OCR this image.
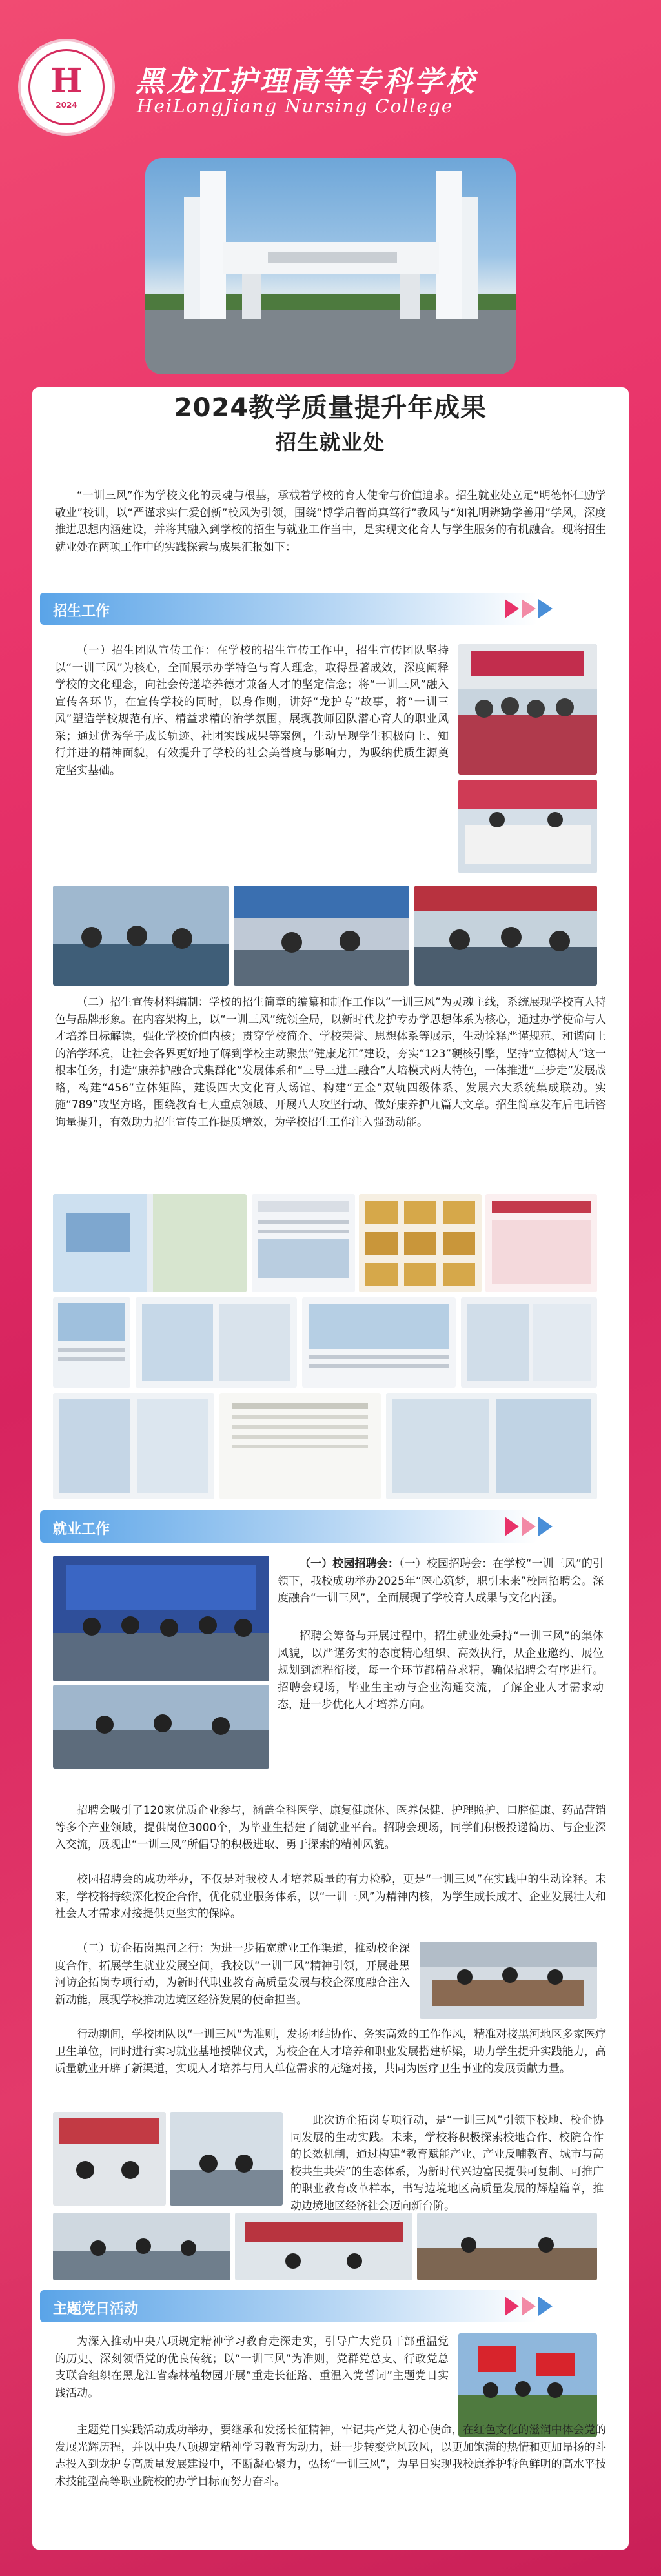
H
2024
黑龙江护理高等专科学校
HeiLongJiang Nursing College
2024教学质量提升年成果
招生就业处

“一训三风”作为学校文化的灵魂与根基，承载着学校的育人使命与价值追求。招生就业处立足“明德怀仁励学敬业”校训，以“严谨求实仁爱创新”校风为引领，围绕“博学启智尚真笃行”教风与“知礼明辨勤学善用”学风，深度推进思想内涵建设，并将其融入到学校的招生与就业工作当中，是实现文化育人与学生服务的有机融合。现将招生就业处在两项工作中的实践探索与成果汇报如下：

招生工作

（一）招生团队宣传工作：在学校的招生宣传工作中，招生宣传团队坚持以“一训三风”为核心，全面展示办学特色与育人理念，取得显著成效，深度阐释学校的文化理念，向社会传递培养德才兼备人才的坚定信念；将“一训三风”融入宣传各环节，在宣传学校的同时，以身作则，讲好“龙护专”故事，将“一训三风”塑造学校规范有序、精益求精的治学氛围，展现教师团队潜心育人的职业风采；通过优秀学子成长轨迹、社团实践成果等案例，生动呈现学生积极向上、知行并进的精神面貌，有效提升了学校的社会美誉度与影响力，为吸纳优质生源奠定坚实基础。

（二）招生宣传材料编制：学校的招生简章的编纂和制作工作以“一训三风”为灵魂主线，系统展现学校育人特色与品牌形象。在内容架构上，以“一训三风”统领全局，以新时代龙护专办学思想体系为核心，通过办学使命与人才培养目标解读，强化学校价值内核；贯穿学校简介、学校荣誉、思想体系等展示，生动诠释严谨规范、和谐向上的治学环境，让社会各界更好地了解到学校主动聚焦“健康龙江”建设，夯实“123”硬核引擎，坚持“立德树人”这一根本任务，打造“康养护融合式集群化”发展体系和“三导三进三融合”人培模式两大特色，一体推进“三步走”发展战略，构建“456”立体矩阵，建设四大文化育人场馆、构建“五金”双轨四级体系、发展六大系统集成联动。实施“789”攻坚方略，围绕教育七大重点领域、开展八大攻坚行动、做好康养护九篇大文章。招生简章发布后电话咨询量提升，有效助力招生宣传工作提质增效，为学校招生工作注入强劲动能。

就业工作

（一）校园招聘会：（一）校园招聘会：在学校“一训三风”的引领下，我校成功举办2025年“医心筑梦，职引未来”校园招聘会。深度融合“一训三风”，全面展现了学校育人成果与文化内涵。

招聘会筹备与开展过程中，招生就业处秉持“一训三风”的集体风貌，以严谨务实的态度精心组织、高效执行，从企业邀约、展位规划到流程衔接，每一个环节都精益求精，确保招聘会有序进行。招聘会现场，毕业生主动与企业沟通交流，了解企业人才需求动态，进一步优化人才培养方向。

招聘会吸引了120家优质企业参与，涵盖全科医学、康复健康体、医养保健、护理照护、口腔健康、药品营销等多个产业领域，提供岗位3000个，为毕业生搭建了阔就业平台。招聘会现场，同学们积极投递简历、与企业深入交流，展现出“一训三风”所倡导的积极进取、勇于探索的精神风貌。

校园招聘会的成功举办，不仅是对我校人才培养质量的有力检验，更是“一训三风”在实践中的生动诠释。未来，学校将持续深化校企合作，优化就业服务体系，以“一训三风”为精神内核，为学生成长成才、企业发展壮大和社会人才需求对接提供更坚实的保障。

（二）访企拓岗黑河之行：为进一步拓宽就业工作渠道，推动校企深度合作，拓展学生就业发展空间，我校以“一训三风”精神引领，开展赴黑河访企拓岗专项行动，为新时代职业教育高质量发展与校企深度融合注入新动能，展现学校推动边境区经济发展的使命担当。

行动期间，学校团队以“一训三风”为准则，发扬团结协作、务实高效的工作作风，精准对接黑河地区多家医疗卫生单位，同时进行实习就业基地授牌仪式，为校企在人才培养和职业发展搭建桥梁，助力学生提升实践能力，高质量就业开辟了新渠道，实现人才培养与用人单位需求的无缝对接，共同为医疗卫生事业的发展贡献力量。

此次访企拓岗专项行动，是“一训三风”引领下校地、校企协同发展的生动实践。未来，学校将积极探索校地合作、校院合作的长效机制，通过构建“教育赋能产业、产业反哺教育、城市与高校共生共荣”的生态体系，为新时代兴边富民提供可复制、可推广的职业教育改革样本，书写边境地区高质量发展的辉煌篇章，推动边境地区经济社会迈向新台阶。

主题党日活动

为深入推动中央八项规定精神学习教育走深走实，引导广大党员干部重温党的历史、深刻领悟党的优良传统；以“一训三风”为准则，党群党总支、行政党总支联合组织在黑龙江省森林植物园开展“重走长征路、重温入党誓词”主题党日实践活动。

主题党日实践活动成功举办，要继承和发扬长征精神，牢记共产党人初心使命，在红色文化的滋润中体会党的发展光辉历程，并以中央八项规定精神学习教育为动力，进一步转变党风政风，以更加饱满的热情和更加昂扬的斗志投入到龙护专高质量发展建设中，不断凝心聚力，弘扬“一训三风”，为早日实现我校康养护特色鲜明的高水平技术技能型高等职业院校的办学目标而努力奋斗。
